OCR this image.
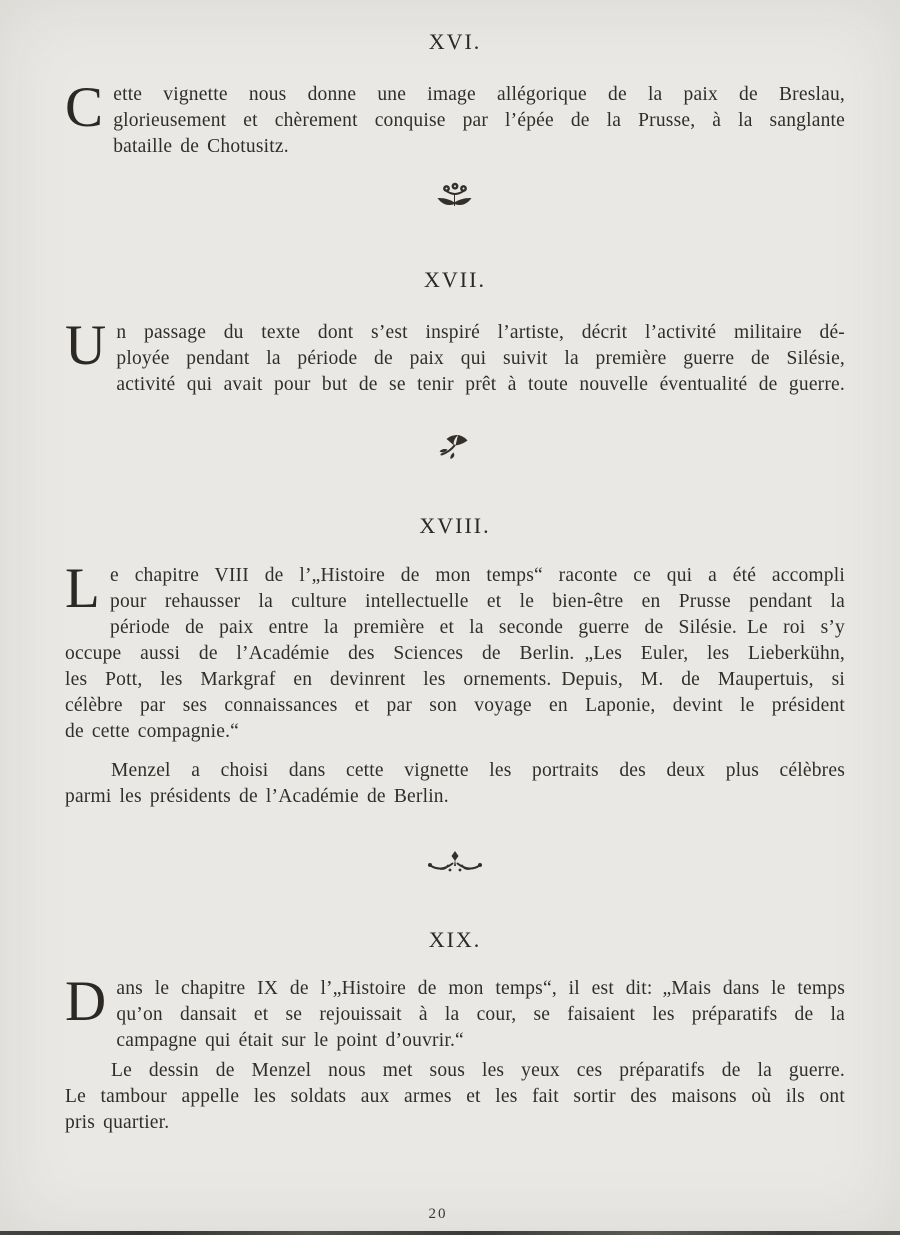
XVI.
C ette vignette nous donne une image allégorique de la paix de Breslau,
glorieusement et chèrement conquise par l’épée de la Prusse, à la sanglante
bataille de Chotusitz.
XVII.
U n passage du texte dont s’est inspiré l’artiste, décrit l’activité militaire dé-
ployée pendant la période de paix qui suivit la première guerre de Silésie,
activité qui avait pour but de se tenir prêt à toute nouvelle éventualité de guerre.
XVIII.
L e chapitre VIII de l’„Histoire de mon temps“ raconte ce qui a été accompli
pour rehausser la culture intellectuelle et le bien-être en Prusse pendant la
période de paix entre la première et la seconde guerre de Silésie. Le roi s’y
occupe aussi de l’Académie des Sciences de Berlin. „Les Euler, les Lieberkühn,
les Pott, les Markgraf en devinrent les ornements. Depuis, M. de Maupertuis, si
célèbre par ses connaissances et par son voyage en Laponie, devint le président
de cette compagnie.“
Menzel a choisi dans cette vignette les portraits des deux plus célèbres
parmi les présidents de l’Académie de Berlin.
XIX.
D ans le chapitre IX de l’„Histoire de mon temps“, il est dit: „Mais dans le temps
qu’on dansait et se rejouissait à la cour, se faisaient les préparatifs de la
campagne qui était sur le point d’ouvrir.“
Le dessin de Menzel nous met sous les yeux ces préparatifs de la guerre.
Le tambour appelle les soldats aux armes et les fait sortir des maisons où ils ont
pris quartier.
20
